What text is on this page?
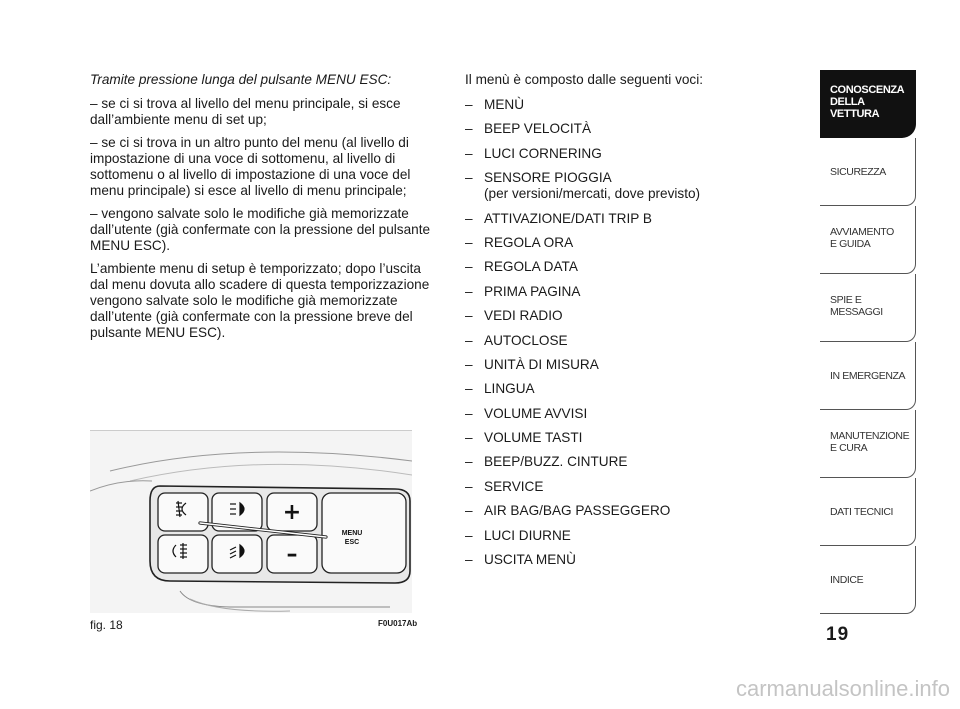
Tramite pressione lunga del pulsante MENU ESC:

– se ci si trova al livello del menu principale, si esce dall’ambiente menu di set up;

– se ci si trova in un altro punto del menu (al livello di impostazione di una voce di sottomenu, al livello di sottomenu o al livello di impostazione di una voce del menu principale) si esce al livello di menu principale;

– vengono salvate solo le modifiche già memorizzate dall’utente (già confermate con la pressione del pulsante MENU ESC).

L’ambiente menu di setup è temporizzato; dopo l’uscita dal menu dovuta allo scadere di questa temporizzazione vengono salvate solo le modifiche già memorizzate dall’utente (già confermate con la pressione breve del pulsante MENU ESC).

Il menù è composto dalle seguenti voci:

– MENÙ
– BEEP VELOCITÀ
– LUCI CORNERING
– SENSORE PIOGGIA
(per versioni/mercati, dove previsto)
– ATTIVAZIONE/DATI TRIP B
– REGOLA ORA
– REGOLA DATA
– PRIMA PAGINA
– VEDI RADIO
– AUTOCLOSE
– UNITÀ DI MISURA
– LINGUA
– VOLUME AVVISI
– VOLUME TASTI
– BEEP/BUZZ. CINTURE
– SERVICE
– AIR BAG/BAG PASSEGGERO
– LUCI DIURNE
– USCITA MENÙ
+
–
MENU
ESC
fig. 18	F0U017Ab
CONOSCENZA
DELLA
VETTURA
SICUREZZA
AVVIAMENTO
E GUIDA
SPIE E
MESSAGGI
IN EMERGENZA
MANUTENZIONE
E CURA
DATI TECNICI
INDICE
19
carmanualsonline.info
